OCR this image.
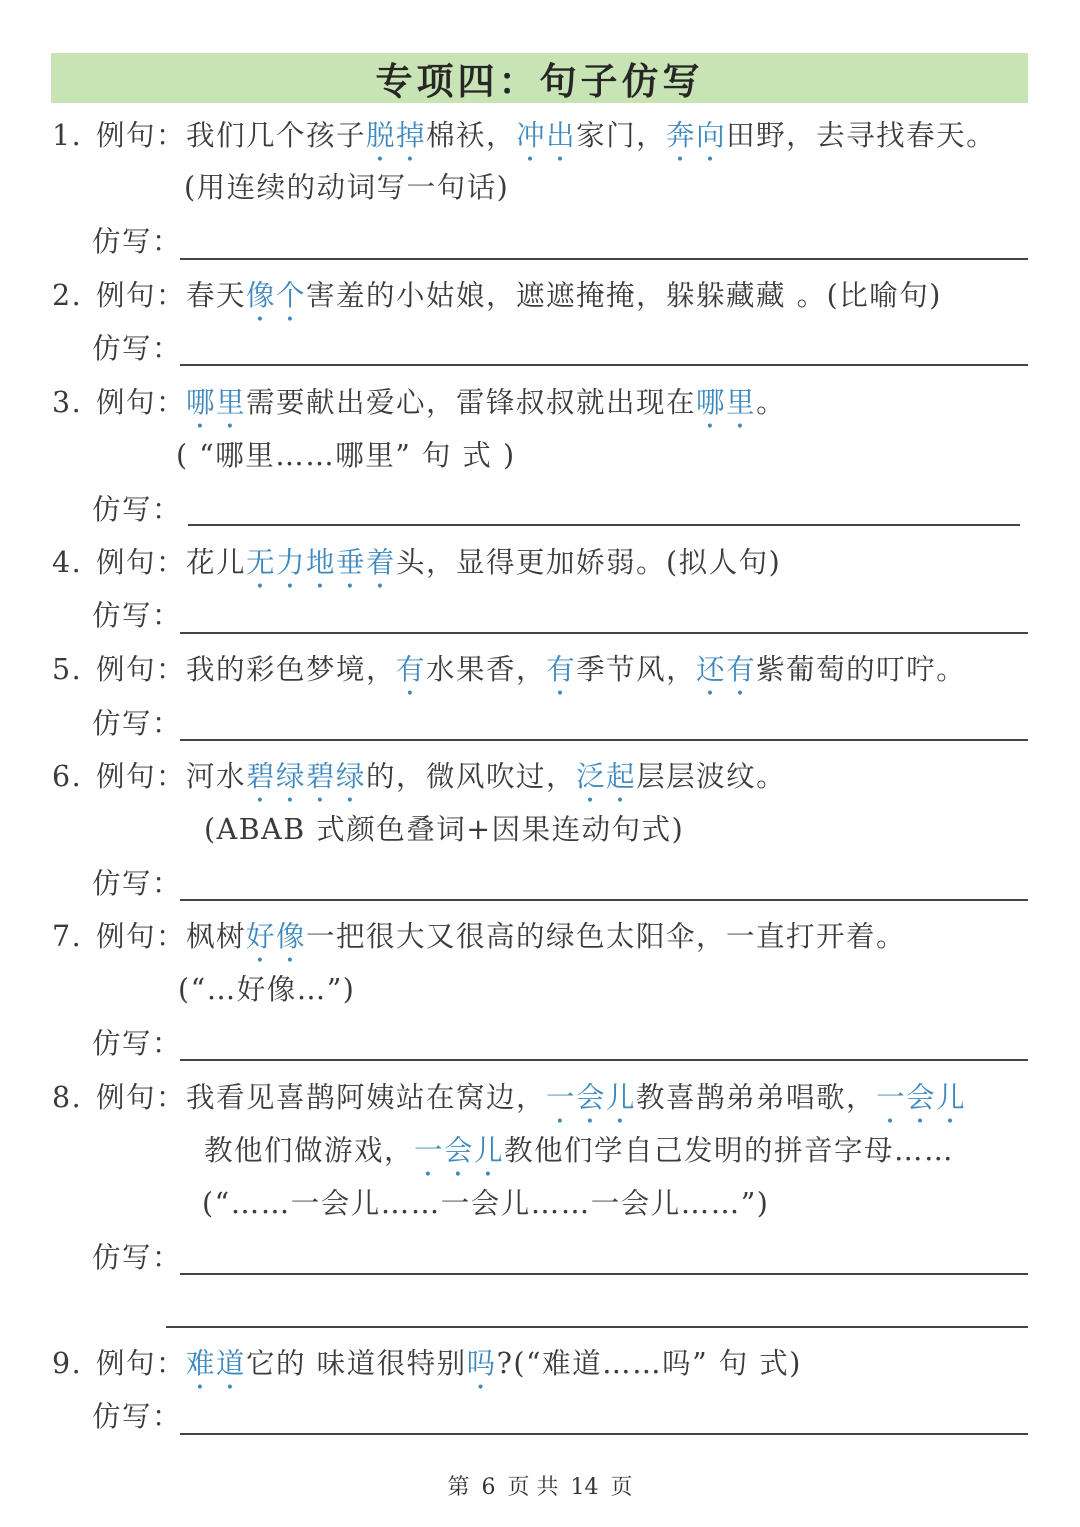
专项四：句子仿写
1. 例句：我们几个孩子脱掉棉袄，冲出家门，奔向田野，去寻找春天。
(用连续的动词写一句话)
仿写：
2. 例句：春天像个害羞的小姑娘，遮遮掩掩，躲躲藏藏 。(比喻句)
仿写：
3. 例句：哪里需要献出爱心，雷锋叔叔就出现在哪里。
( “哪里……哪里” 句 式 )
仿写：
4. 例句：花儿无力地垂着头，显得更加娇弱。(拟人句)
仿写：
5. 例句：我的彩色梦境，有水果香，有季节风，还有紫葡萄的叮咛。
仿写：
6. 例句：河水碧绿碧绿的，微风吹过，泛起层层波纹。
(ABAB 式颜色叠词+因果连动句式)
仿写：
7. 例句：枫树好像一把很大又很高的绿色太阳伞，一直打开着。
(“…好像…”)
仿写：
8. 例句：我看见喜鹊阿姨站在窝边，一会儿教喜鹊弟弟唱歌，一会儿
教他们做游戏，一会儿教他们学自己发明的拼音字母……
(“……一会儿……一会儿……一会儿……”)
仿写：
9. 例句：难道它的 味道很特别吗?(“难道……吗” 句 式)
仿写：
第 6 页 共 14 页
